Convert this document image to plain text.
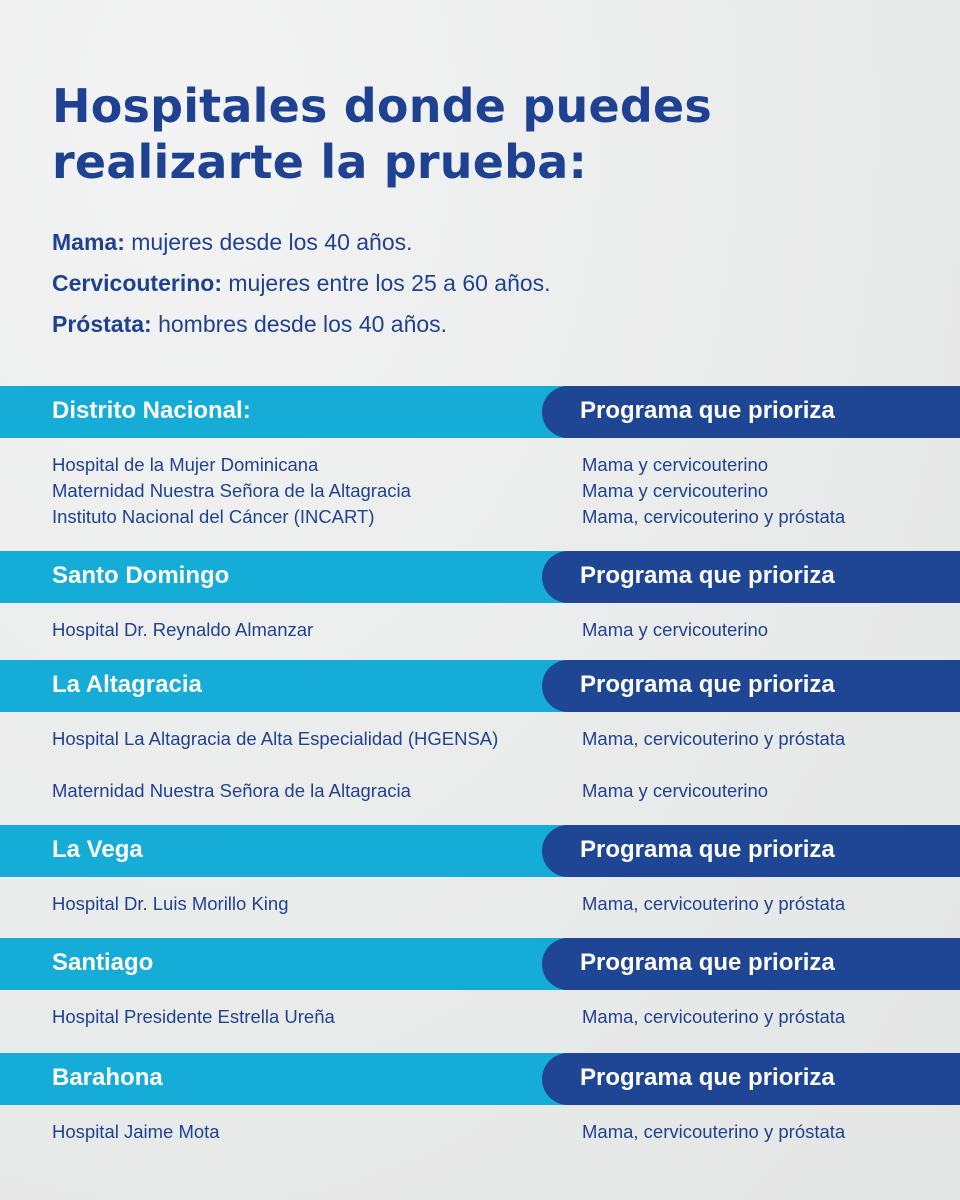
Hospitales donde puedes
realizarte la prueba:
Mama: mujeres desde los 40 años.
Cervicouterino: mujeres entre los 25 a 60 años.
Próstata: hombres desde los 40 años.
Distrito Nacional:	Programa que prioriza
Hospital de la Mujer Dominicana	Mama y cervicouterino
Maternidad Nuestra Señora de la Altagracia	Mama y cervicouterino
Instituto Nacional del Cáncer (INCART)	Mama, cervicouterino y próstata
Santo Domingo	Programa que prioriza
Hospital Dr. Reynaldo Almanzar	Mama y cervicouterino
La Altagracia	Programa que prioriza
Hospital La Altagracia de Alta Especialidad (HGENSA)	Mama, cervicouterino y próstata
Maternidad Nuestra Señora de la Altagracia	Mama y cervicouterino
La Vega	Programa que prioriza
Hospital Dr. Luis Morillo King	Mama, cervicouterino y próstata
Santiago	Programa que prioriza
Hospital Presidente Estrella Ureña	Mama, cervicouterino y próstata
Barahona	Programa que prioriza
Hospital Jaime Mota	Mama, cervicouterino y próstata
